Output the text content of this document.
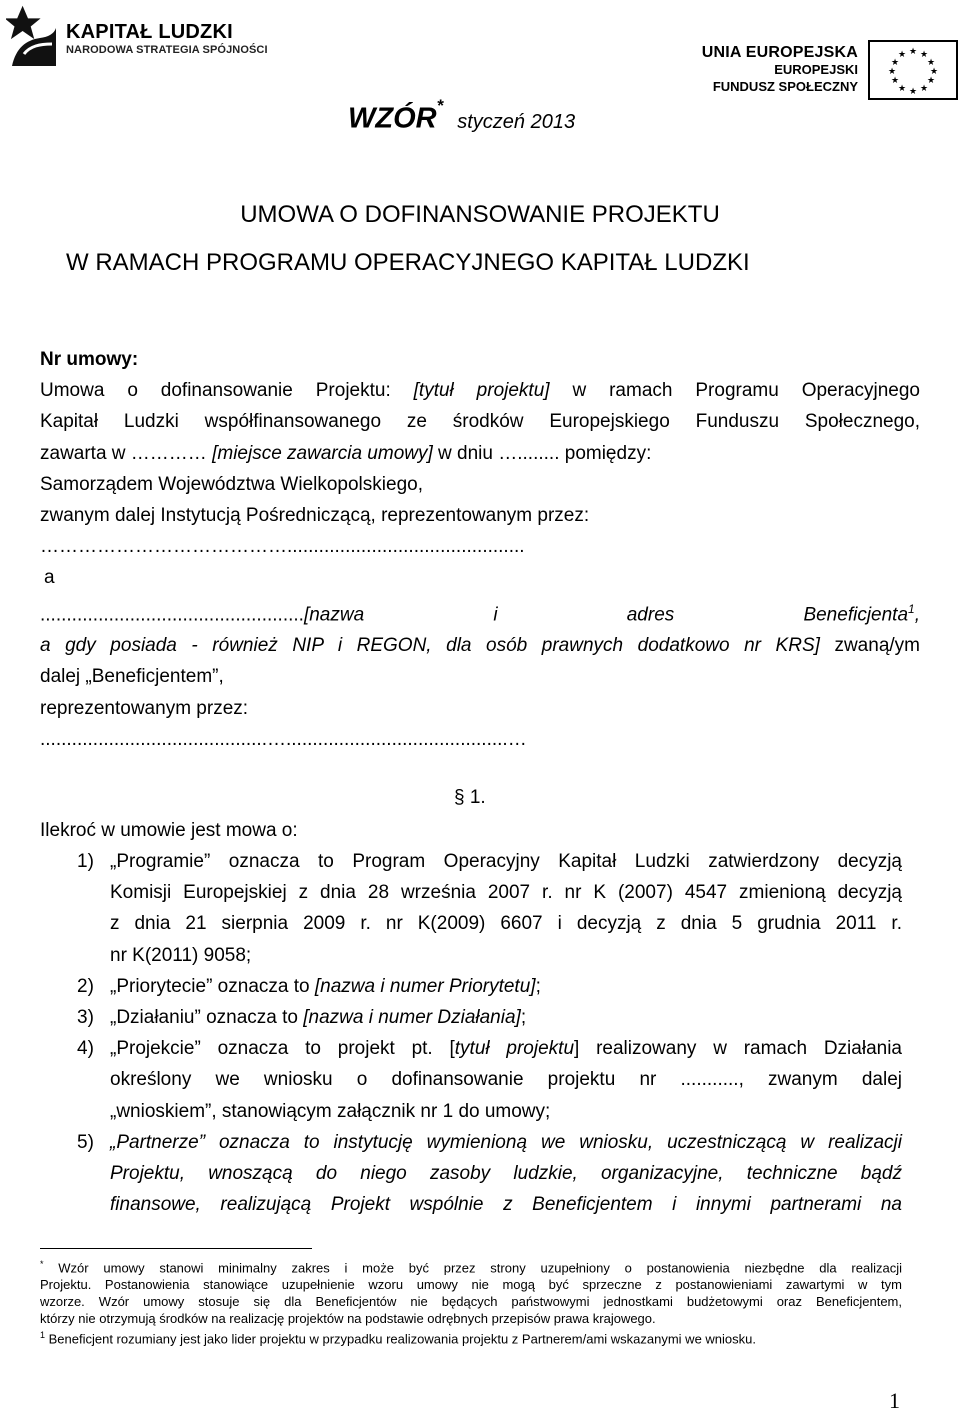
KAPITAŁ LUDZKI
NARODOWA STRATEGIA SPÓJNOŚCI	UNIA EUROPEJSKA
EUROPEJSKI
FUNDUSZ SPOŁECZNY
★ ★
★
★
★
★
★
★
★
★
★
★
WZÓR*styczeń 2013
UMOWA O DOFINANSOWANIE PROJEKTU
W RAMACH PROGRAMU OPERACYJNEGO KAPITAŁ LUDZKI

Nr umowy:

Umowa o dofinansowanie Projektu: [tytuł projektu] w ramach Programu Operacyjnego

Kapitał Ludzki współfinansowanego ze środków Europejskiego Funduszu Społecznego,

zawarta w ………… [miejsce zawarcia umowy] w dniu …........ pomiędzy:

Samorządem Województwa Wielkopolskiego,

zwanym dalej Instytucją Pośredniczącą, reprezentowanym przez:

………………………………….............................................

a

..................................................[nazwa i adres Beneficjenta$^1$,

a gdy posiada - również NIP i REGON, dla osób prawnych dodatkowo nr KRS] zwaną/ym

dalej „Beneficjentem”,

reprezentowanym przez:

...........................................…..........................................…

§ 1.

Ilekroć w umowie jest mowa o:

1) „Programie” oznacza to Program Operacyjny Kapitał Ludzki zatwierdzony decyzją

Komisji Europejskiej z dnia 28 września 2007 r. nr K (2007) 4547 zmienioną decyzją

z dnia 21 sierpnia 2009 r. nr K(2009) 6607 i decyzją z dnia 5 grudnia 2011 r.

nr K(2011) 9058;

2) „Priorytecie” oznacza to [nazwa i numer Priorytetu];

3) „Działaniu” oznacza to [nazwa i numer Działania];

4) „Projekcie” oznacza to projekt pt. [tytuł projektu] realizowany w ramach Działania

określony we wniosku o dofinansowanie projektu nr ..........., zwanym dalej

„wnioskiem”, stanowiącym załącznik nr 1 do umowy;

5) „Partnerze” oznacza to instytucję wymienioną we wniosku, uczestniczącą w realizacji

Projektu, wnoszącą do niego zasoby ludzkie, organizacyjne, techniczne bądź

finansowe, realizującą Projekt wspólnie z Beneficjentem i innymi partnerami na

* Wzór umowy stanowi minimalny zakres i może być przez strony uzupełniony o postanowienia niezbędne dla realizacji

Projektu. Postanowienia stanowiące uzupełnienie wzoru umowy nie mogą być sprzeczne z postanowieniami zawartymi w tym

wzorze. Wzór umowy stosuje się dla Beneficjentów nie będących państwowymi jednostkami budżetowymi oraz Beneficjentem,

którzy nie otrzymują środków na realizację projektów na podstawie odrębnych przepisów prawa krajowego.

$^1$ Beneficjent rozumiany jest jako lider projektu w przypadku realizowania projektu z Partnerem/ami wskazanymi we wniosku.

1
